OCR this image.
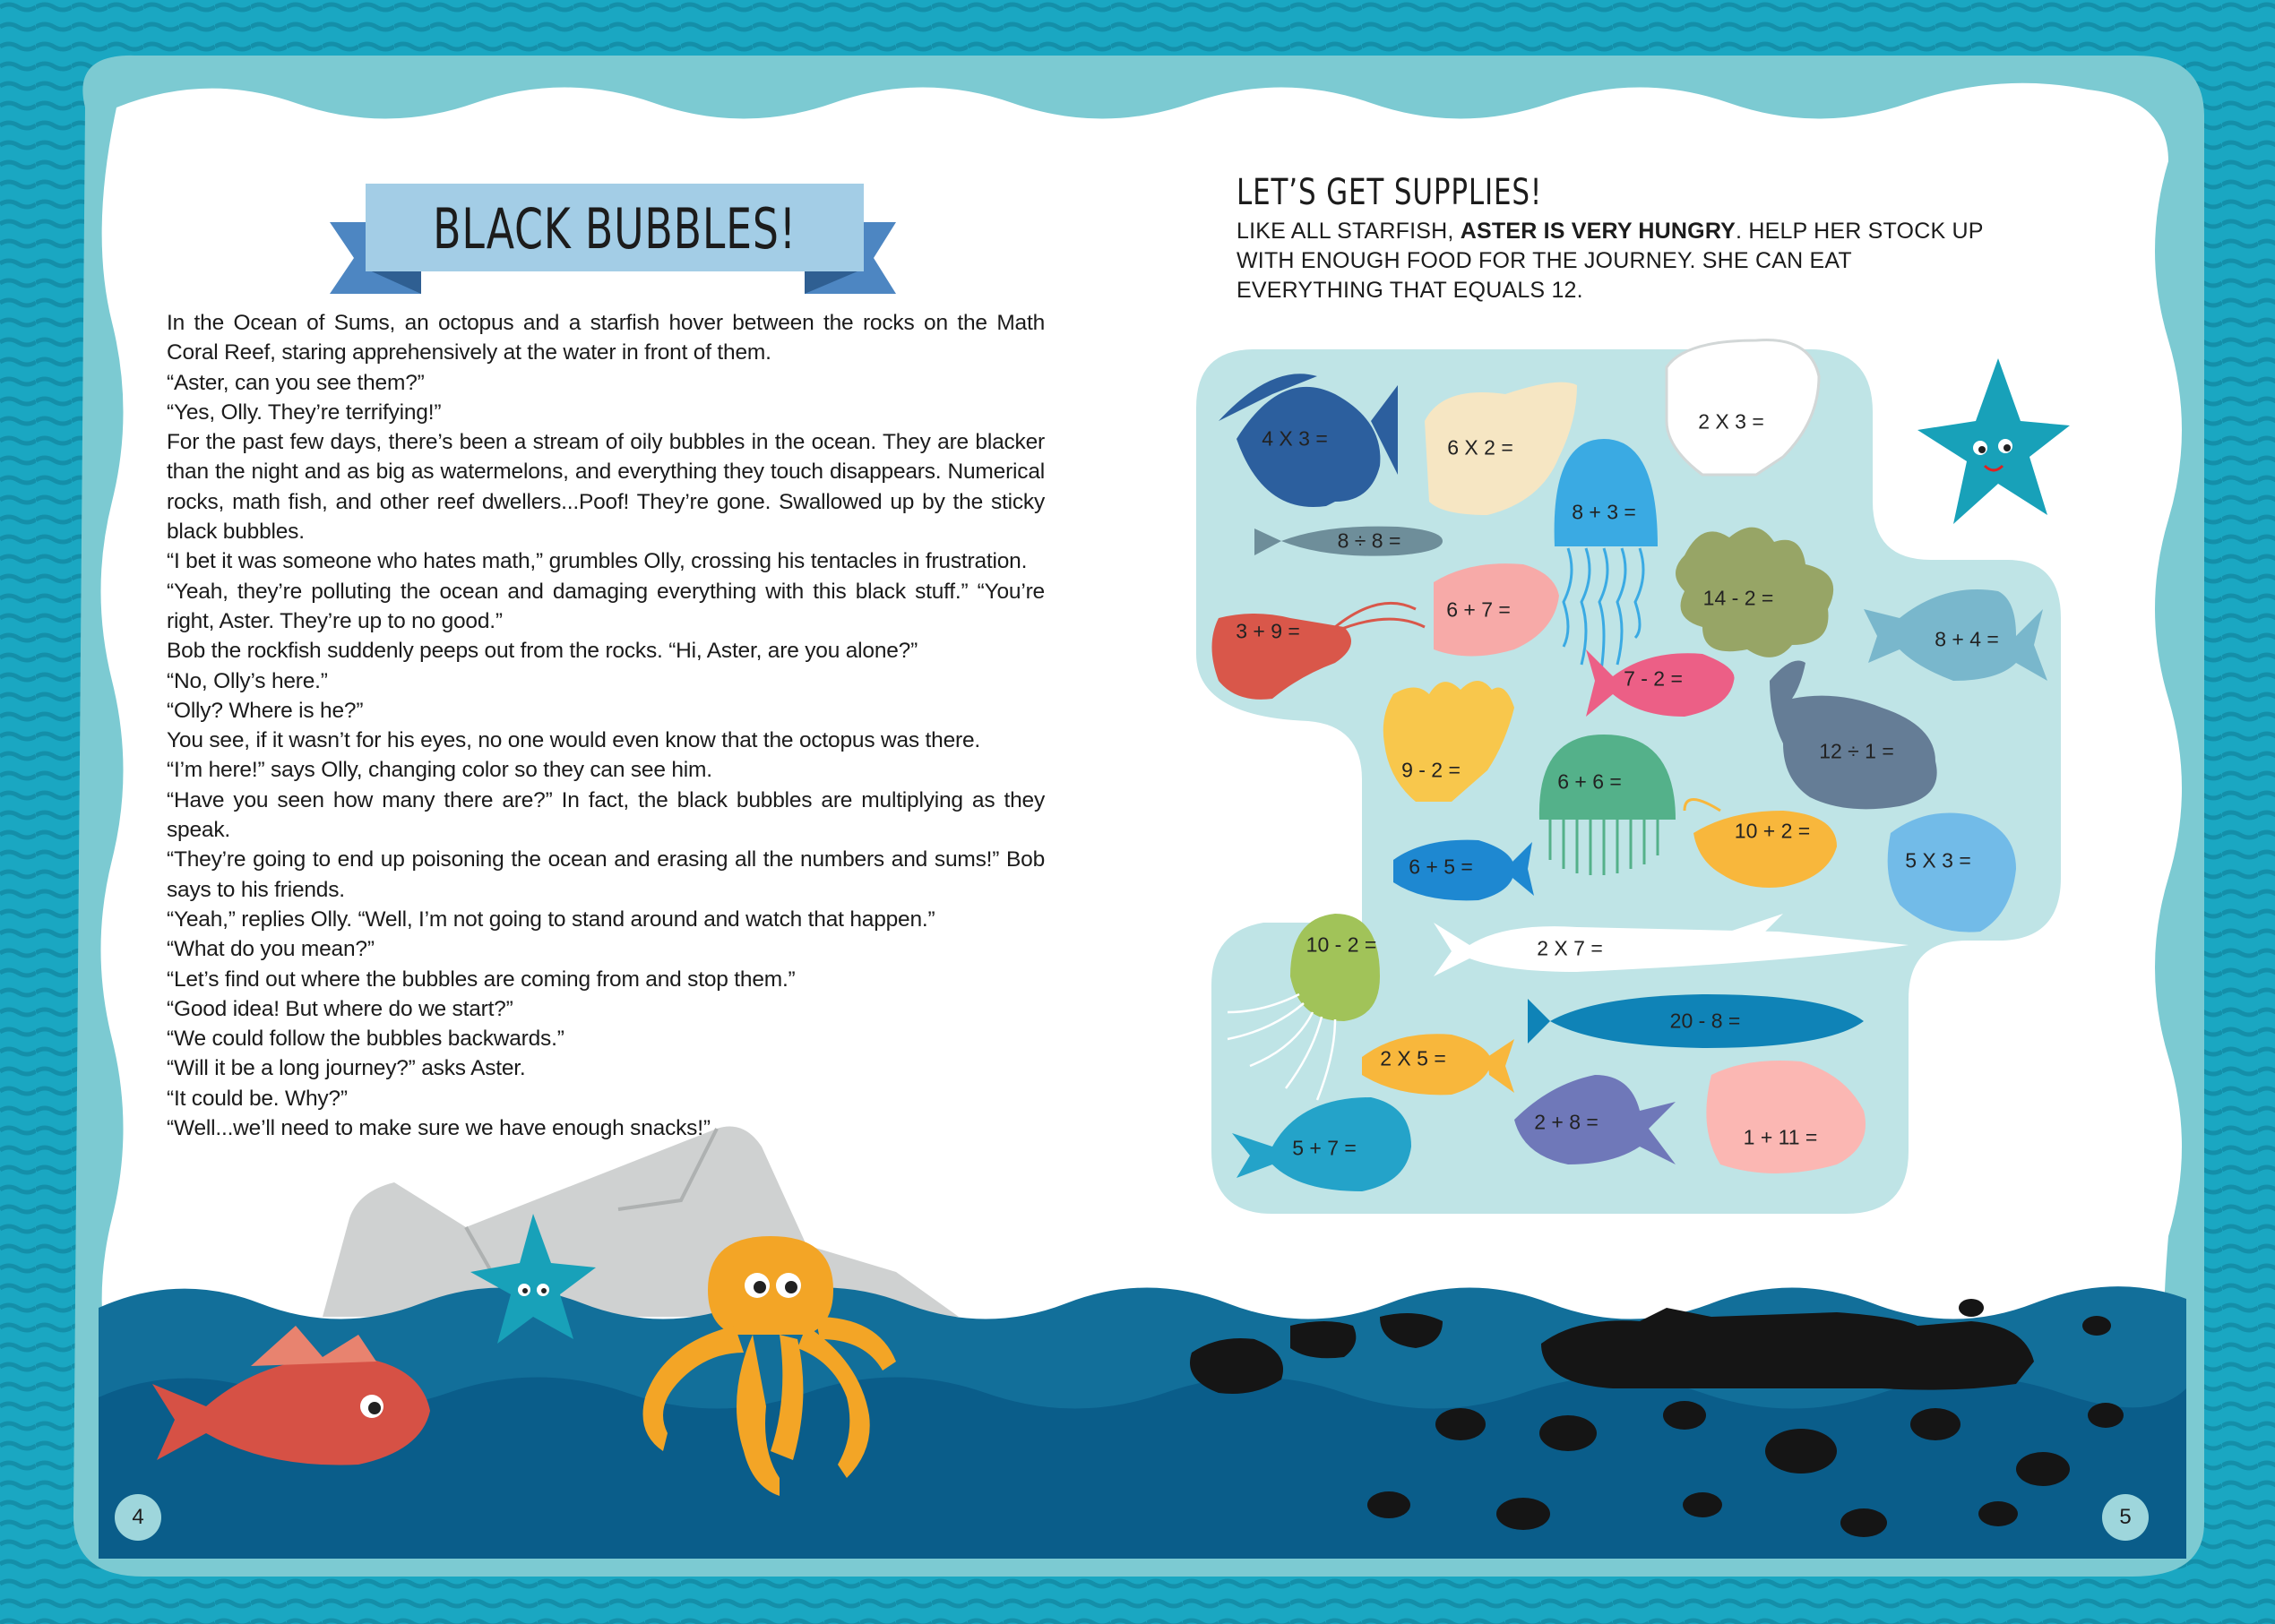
BLACK BUBBLES!

In the Ocean of Sums, an octopus and a starfish hover between the rocks on the Math Coral Reef, staring apprehensively at the water in front of them.

“Aster, can you see them?”

“Yes, Olly. They’re terrifying!”

For the past few days, there’s been a stream of oily bubbles in the ocean. They are blacker than the night and as big as watermelons, and everything they touch disappears. Numerical rocks, math fish, and other reef dwellers...Poof! They’re gone. Swallowed up by the sticky black bubbles.

“I bet it was someone who hates math,” grumbles Olly, crossing his tentacles in frustration.

“Yeah, they’re polluting the ocean and damaging everything with this black stuff.” “You’re right, Aster. They’re up to no good.”

Bob the rockfish suddenly peeps out from the rocks. “Hi, Aster, are you alone?”

“No, Olly’s here.”

“Olly? Where is he?”

You see, if it wasn’t for his eyes, no one would even know that the octopus was there.

“I’m here!” says Olly, changing color so they can see him.

“Have you seen how many there are?” In fact, the black bubbles are multiplying as they speak.

“They’re going to end up poisoning the ocean and erasing all the numbers and sums!” Bob says to his friends.

“Yeah,” replies Olly. “Well, I’m not going to stand around and watch that happen.”

“What do you mean?”

“Let’s find out where the bubbles are coming from and stop them.”

“Good idea! But where do we start?”

“We could follow the bubbles backwards.”

“Will it be a long journey?” asks Aster.

“It could be. Why?”

“Well...we’ll need to make sure we have enough snacks!”

LET’S GET SUPPLIES!
LIKE ALL STARFISH, ASTER IS VERY HUNGRY. HELP HER STOCK UP WITH ENOUGH FOOD FOR THE JOURNEY. SHE CAN EAT EVERYTHING THAT EQUALS 12.
4 X 3 =	6 X 2 =
2 X 3 =
8 ÷ 8 =
8 + 3 =
6 + 7 =	14 - 2 =
3 + 9 =	8 + 4 =
7 - 2 =
9 - 2 =
12 ÷ 1 =
6 + 6 =
10 + 2 =
6 + 5 =	5 X 3 =
10 - 2 =	2 X 7 =
20 - 8 =
2 X 5 =
2 + 8 =
5 + 7 =	1 + 11 =
4	5
